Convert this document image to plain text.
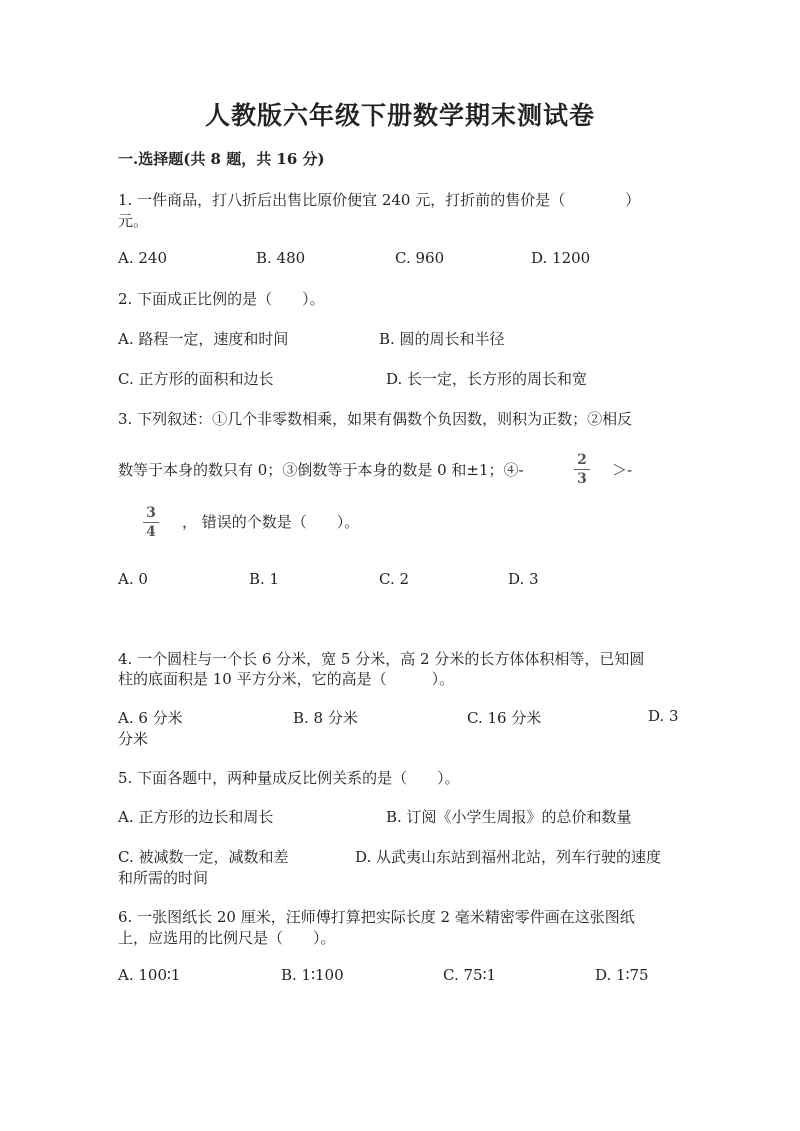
人教版六年级下册数学期末测试卷
一.选择题(共 8 题，共 16 分)
1. 一件商品，打八折后出售比原价便宜 240 元，打折前的售价是（　　　　）
元。
A. 240	B. 480	C. 960	D. 1200
2. 下面成正比例的是（　　）。
A. 路程一定，速度和时间	B. 圆的周长和半径
C. 正方形的面积和边长	D. 长一定，长方形的周长和宽
3. 下列叙述：①几个非零数相乘，如果有偶数个负因数，则积为正数；②相反
数等于本身的数只有 0；③倒数等于本身的数是 0 和±1；④-
2
3 ＞-
3
4
， 错误的个数是（　　）。
A. 0	B. 1	C. 2	D. 3
4. 一个圆柱与一个长 6 分米，宽 5 分米，高 2 分米的长方体体积相等，已知圆
柱的底面积是 10 平方分米，它的高是（　　　）。
A. 6 分米	B. 8 分米	C. 16 分米	D. 3
分米
5. 下面各题中，两种量成反比例关系的是（　　）。
A. 正方形的边长和周长	B. 订阅《小学生周报》的总价和数量
C. 被减数一定，减数和差	D. 从武夷山东站到福州北站，列车行驶的速度
和所需的时间
6. 一张图纸长 20 厘米，汪师傅打算把实际长度 2 毫米精密零件画在这张图纸
上，应选用的比例尺是（　　）。
A. 100∶1	B. 1∶100	C. 75∶1	D. 1∶75
